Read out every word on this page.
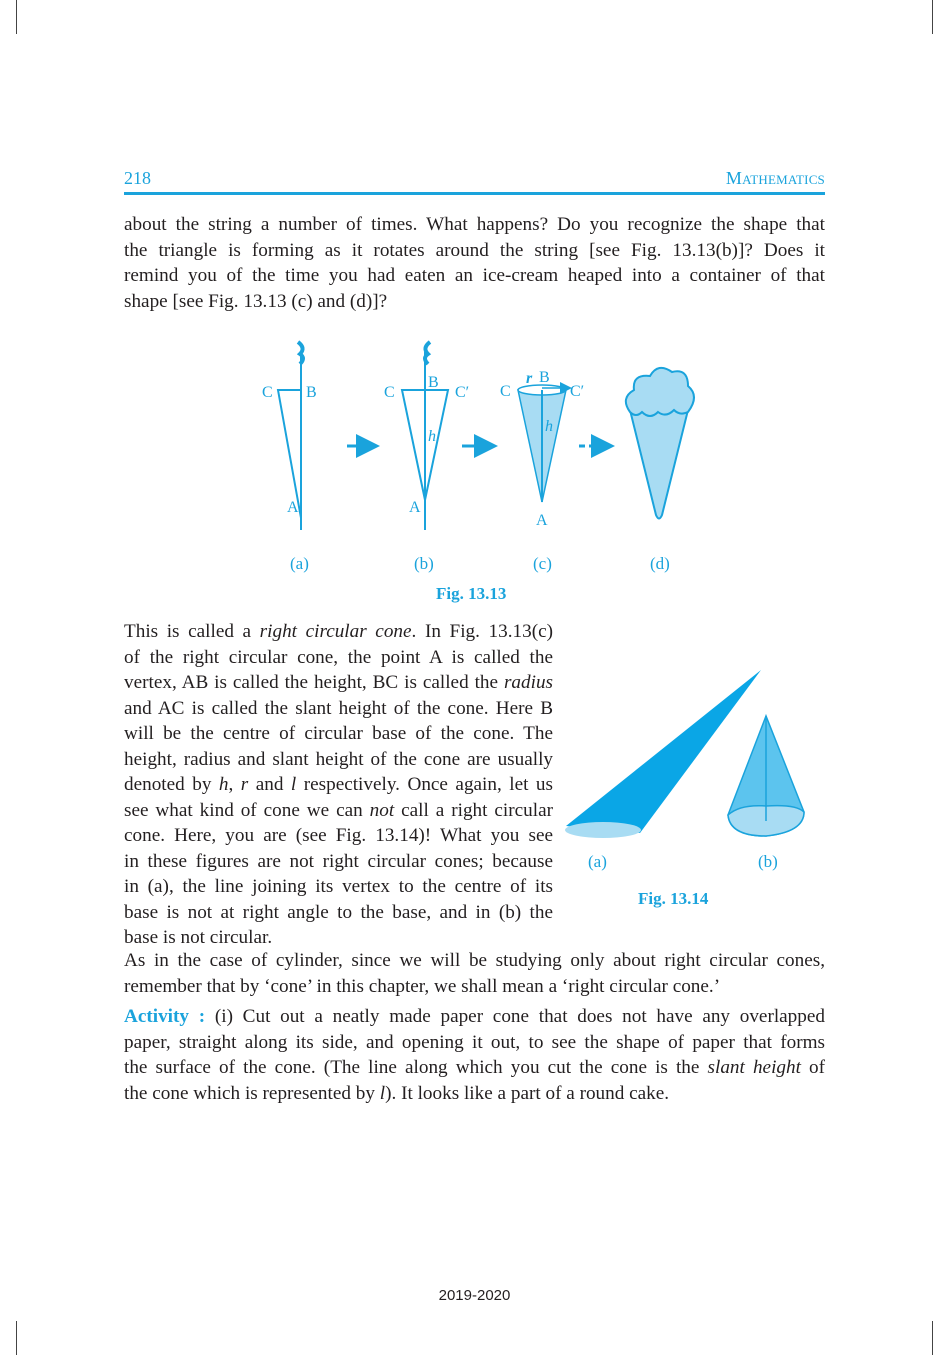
218	Mathematics
about the string a number of times. What happens? Do you recognize the shape that
the triangle is forming as it rotates around the string [see Fig. 13.13(b)]? Does it
remind you of the time you had eaten an ice-cream heaped into a container of that
shape [see Fig. 13.13 (c) and (d)]?
C B
A
C
B
C′
h
A
C
r B
C′
h
A
(a)	(b)	(c)	(d)
Fig. 13.13
This is called a right circular cone. In Fig. 13.13(c)
of the right circular cone, the point A is called the
vertex, AB is called the height, BC is called the radius
and AC is called the slant height of the cone. Here B
will be the centre of circular base of the cone. The
height, radius and slant height of the cone are usually
denoted by h, r and l respectively. Once again, let us
see what kind of cone we can not call a right circular
cone. Here, you are (see Fig. 13.14)! What you see
in these figures are not right circular cones; because
in (a), the line joining its vertex to the centre of its
base is not at right angle to the base, and in (b) the
base is not circular.
(a)	(b)
Fig. 13.14
As in the case of cylinder, since we will be studying only about right circular cones,
remember that by ‘cone’ in this chapter, we shall mean a ‘right circular cone.’
Activity : (i) Cut out a neatly made paper cone that does not have any overlapped
paper, straight along its side, and opening it out, to see the shape of paper that forms
the surface of the cone. (The line along which you cut the cone is the slant height of
the cone which is represented by l). It looks like a part of a round cake.
2019-2020
